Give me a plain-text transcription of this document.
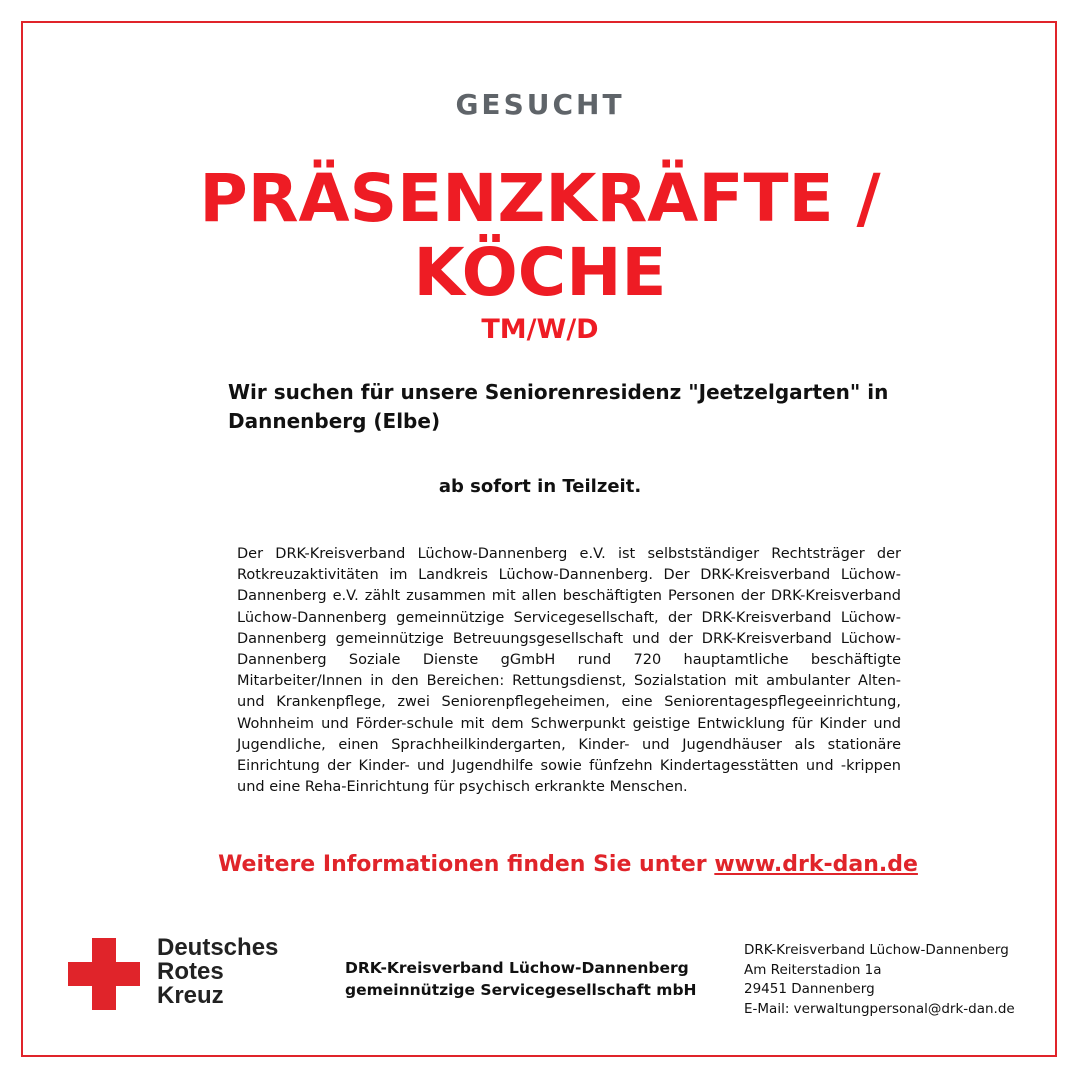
GESUCHT
PRÄSENZKRÄFTE /
KÖCHE
TM/W/D
Wir suchen für unsere Seniorenresidenz "Jeetzelgarten" in
Dannenberg (Elbe)
ab sofort in Teilzeit.
Der DRK-Kreisverband Lüchow-Dannenberg e.V. ist selbstständiger Rechtsträger der Rotkreuzaktivitäten im Landkreis Lüchow-Dannenberg. Der DRK-Kreisverband Lüchow-Dannenberg e.V. zählt zusammen mit allen beschäftigten Personen der DRK-Kreisverband Lüchow-Dannenberg gemeinnützige Servicegesellschaft, der DRK-Kreisverband Lüchow-Dannenberg gemeinnützige Betreuungsgesellschaft und der DRK-Kreisverband Lüchow-Dannenberg Soziale Dienste gGmbH rund 720 hauptamtliche beschäftigte Mitarbeiter/Innen in den Bereichen: Rettungsdienst, Sozialstation mit ambulanter Alten- und Krankenpflege, zwei Seniorenpflegeheimen, eine Seniorentagespflegeeinrichtung, Wohnheim und Förder-schule mit dem Schwerpunkt geistige Entwicklung für Kinder und Jugendliche, einen Sprachheilkindergarten, Kinder- und Jugendhäuser als stationäre Einrichtung der Kinder- und Jugendhilfe sowie fünfzehn Kindertagesstätten und -krippen und eine Reha-Einrichtung für psychisch erkrankte Menschen.
Weitere Informationen finden Sie unter www.drk-dan.de
Deutsches
Rotes
Kreuz
DRK-Kreisverband Lüchow-Dannenberg
gemeinnützige Servicegesellschaft mbH
DRK-Kreisverband Lüchow-Dannenberg
Am Reiterstadion 1a
29451 Dannenberg
E-Mail: verwaltungpersonal@drk-dan.de
